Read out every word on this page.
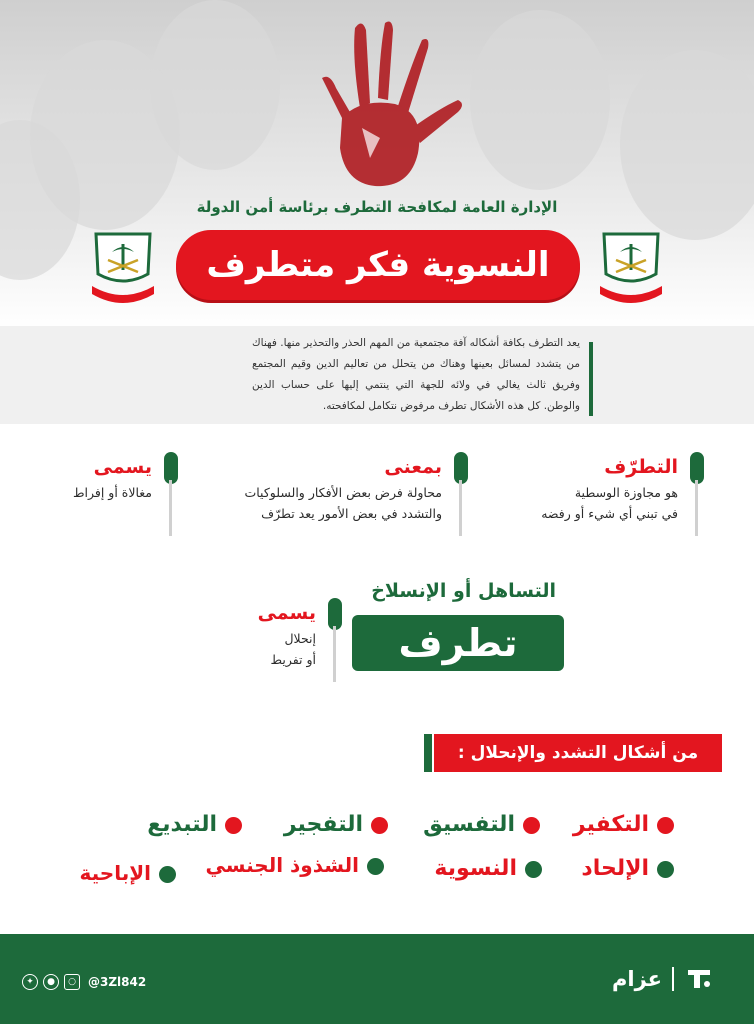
الإدارة العامة لمكافحة التطرف برئاسة أمن الدولة
النسوية فكر متطرف
يعد التطرف بكافة أشكاله آفة مجتمعية من المهم الحذر والتحذير منها. فهناك من يتشدد لمسائل بعينها وهناك من يتحلل من تعاليم الدين وقيم المجتمع وفريق ثالث يغالي في ولائه للجهة التي ينتمي إليها على حساب الدين والوطن. كل هذه الأشكال تطرف مرفوض نتكامل لمكافحته.
التطرّف
هو مجاوزة الوسطية
في تبني أي شيء أو رفضه
بمعنى
محاولة فرض بعض الأفكار والسلوكيات
والتشدد في بعض الأمور يعد تطرّف
يسمى
مغالاة أو إفراط
التساهل أو الإنسلاخ
تطرف
يسمى
إنحلال
أو تفريط
من أشكال التشدد والإنحلال :
التكفير
التفسيق
التفجير
التبديع
الإلحاد
النسوية
الشذوذ الجنسي
الإباحية
عزام
✦	●	○	@3Zl842
